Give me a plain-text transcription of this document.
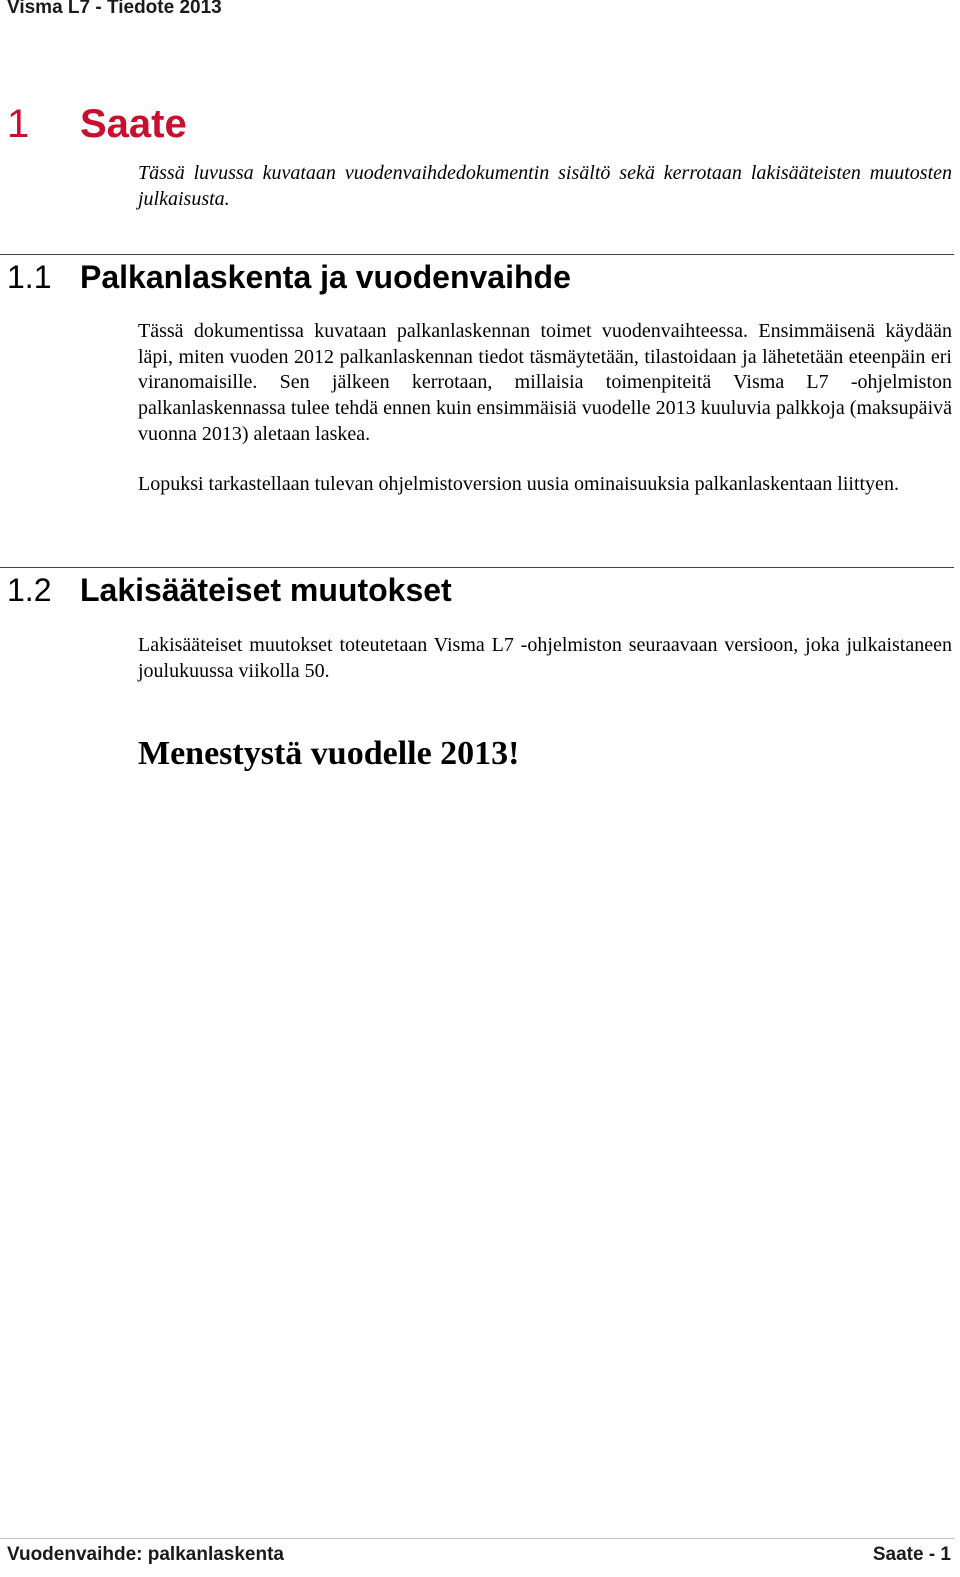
Visma L7 - Tiedote 2013
1 Saate
Tässä luvussa kuvataan vuodenvaihdedokumentin sisältö sekä kerrotaan lakisääteisten muutosten julkaisusta.
1.1 Palkanlaskenta ja vuodenvaihde
Tässä dokumentissa kuvataan palkanlaskennan toimet vuodenvaihteessa. Ensimmäisenä käydään läpi, miten vuoden 2012 palkanlaskennan tiedot täsmäytetään, tilastoidaan ja lähetetään eteenpäin eri viranomaisille. Sen jälkeen kerrotaan, millaisia toimenpiteitä Visma L7 -ohjelmiston palkanlaskennassa tulee tehdä ennen kuin ensimmäisiä vuodelle 2013 kuuluvia palkkoja (maksupäivä vuonna 2013) aletaan laskea.
Lopuksi tarkastellaan tulevan ohjelmistoversion uusia ominaisuuksia palkanlaskentaan liittyen.
1.2 Lakisääteiset muutokset
Lakisääteiset muutokset toteutetaan Visma L7 -ohjelmiston seuraavaan versioon, joka julkaistaneen joulukuussa viikolla 50.
Menestystä vuodelle 2013!
Vuodenvaihde: palkanlaskenta	Saate - 1
